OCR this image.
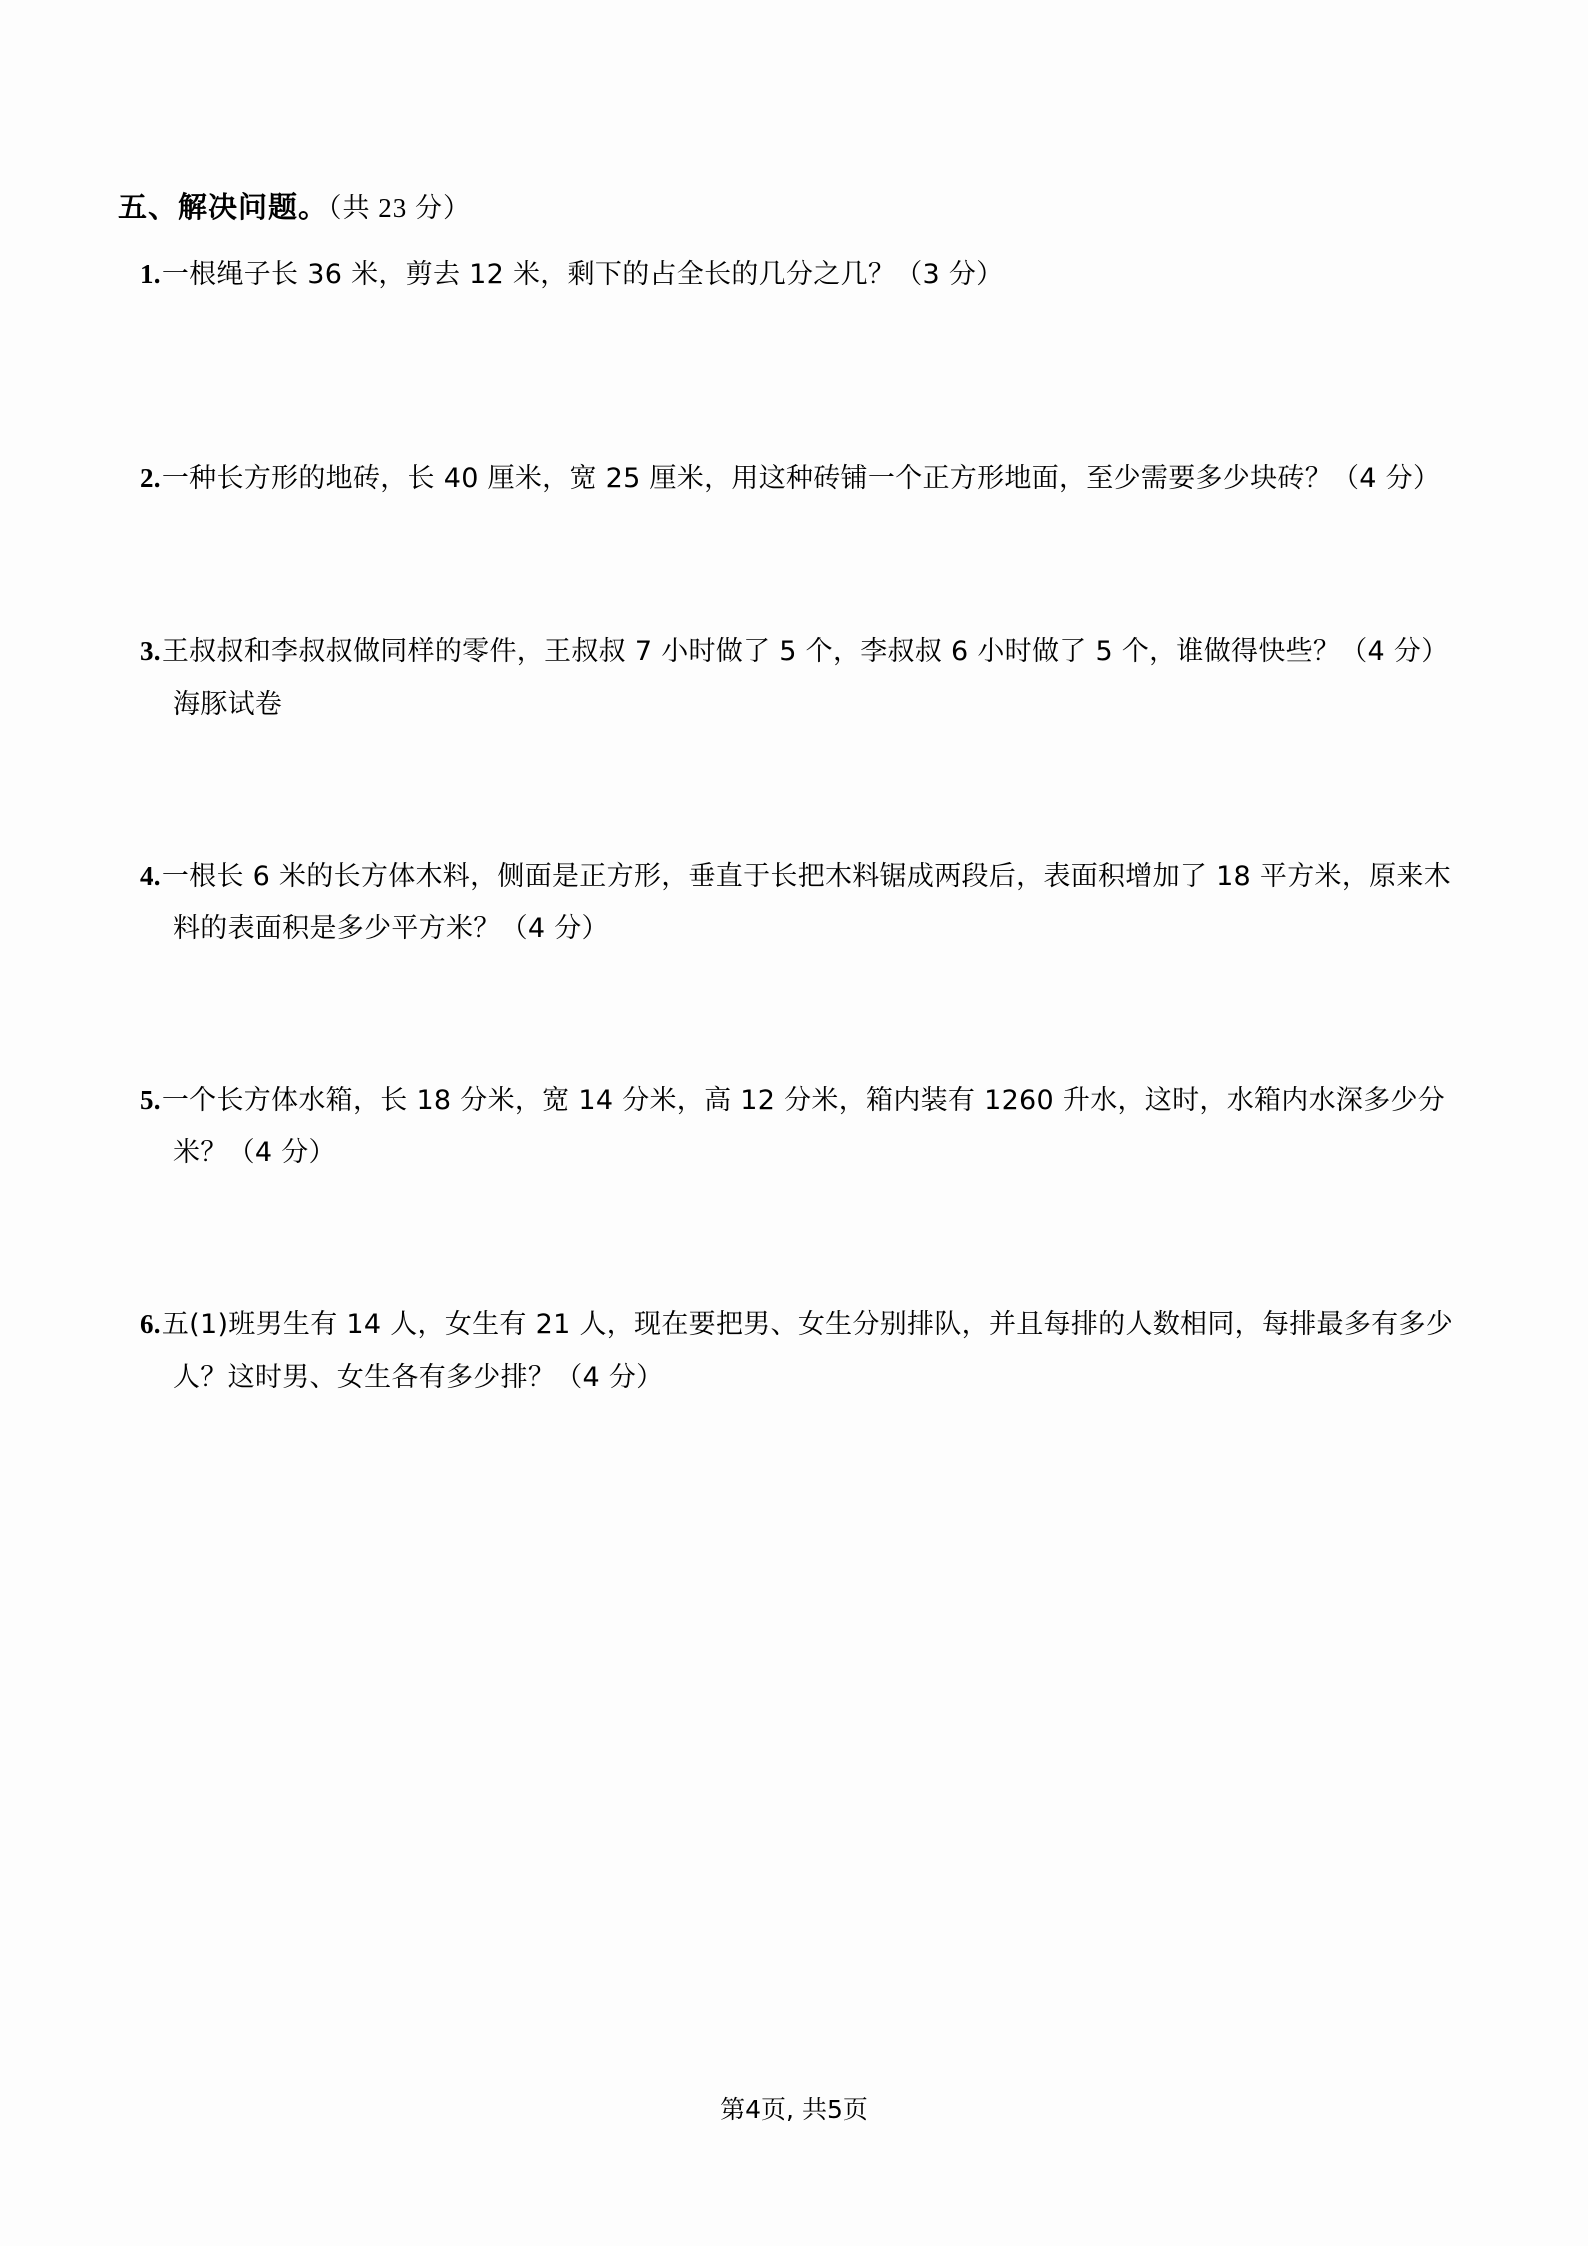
五、解决问题。（共 23 分）

1.一根绳子长 36 米，剪去 12 米，剩下的占全长的几分之几？（3 分）

2.一种长方形的地砖，长 40 厘米，宽 25 厘米，用这种砖铺一个正方形地面，至少需要多少块砖？（4 分）

3.王叔叔和李叔叔做同样的零件，王叔叔 7 小时做了 5 个，李叔叔 6 小时做了 5 个，谁做得快些？（4 分）海豚试卷

4.一根长 6 米的长方体木料，侧面是正方形，垂直于长把木料锯成两段后，表面积增加了 18 平方米，原来木料的表面积是多少平方米？（4 分）

5.一个长方体水箱，长 18 分米，宽 14 分米，高 12 分米，箱内装有 1260 升水，这时，水箱内水深多少分米？（4 分）

6.五(1)班男生有 14 人，女生有 21 人，现在要把男、女生分别排队，并且每排的人数相同，每排最多有多少人？这时男、女生各有多少排？（4 分）

第4页, 共5页
